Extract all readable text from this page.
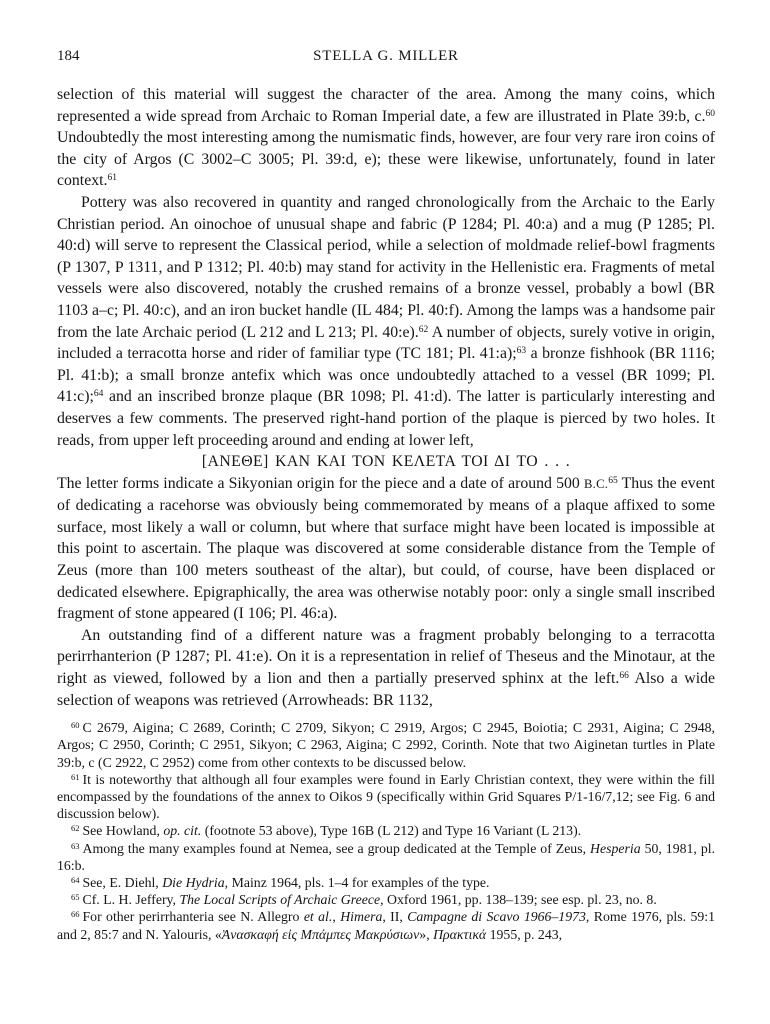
184	STELLA G. MILLER

selection of this material will suggest the character of the area. Among the many coins, which represented a wide spread from Archaic to Roman Imperial date, a few are illustrated in Plate 39:b, c.$^{60}$ Undoubtedly the most interesting among the numismatic finds, however, are four very rare iron coins of the city of Argos (C 3002–C 3005; Pl. 39:d, e); these were likewise, unfortunately, found in later context.$^{61}$

Pottery was also recovered in quantity and ranged chronologically from the Archaic to the Early Christian period. An oinochoe of unusual shape and fabric (P 1284; Pl. 40:a) and a mug (P 1285; Pl. 40:d) will serve to represent the Classical period, while a selection of moldmade relief-bowl fragments (P 1307, P 1311, and P 1312; Pl. 40:b) may stand for activity in the Hellenistic era. Fragments of metal vessels were also discovered, notably the crushed remains of a bronze vessel, probably a bowl (BR 1103 a–c; Pl. 40:c), and an iron bucket handle (IL 484; Pl. 40:f). Among the lamps was a handsome pair from the late Archaic period (L 212 and L 213; Pl. 40:e).$^{62}$ A number of objects, surely votive in origin, included a terracotta horse and rider of familiar type (TC 181; Pl. 41:a);$^{63}$ a bronze fishhook (BR 1116; Pl. 41:b); a small bronze antefix which was once undoubtedly attached to a vessel (BR 1099; Pl. 41:c);$^{64}$ and an inscribed bronze plaque (BR 1098; Pl. 41:d). The latter is particularly interesting and deserves a few comments. The preserved right-hand portion of the plaque is pierced by two holes. It reads, from upper left proceeding around and ending at lower left,

[ΑΝΕΘΕ] ΚΑΝ ΚΑΙ ΤΟΝ ΚΕΛΕΤΑ ΤΟΙ ΔΙ ΤΟ . . .

The letter forms indicate a Sikyonian origin for the piece and a date of around 500 B.C.$^{65}$ Thus the event of dedicating a racehorse was obviously being commemorated by means of a plaque affixed to some surface, most likely a wall or column, but where that surface might have been located is impossible at this point to ascertain. The plaque was discovered at some considerable distance from the Temple of Zeus (more than 100 meters southeast of the altar), but could, of course, have been displaced or dedicated elsewhere. Epigraphically, the area was otherwise notably poor: only a single small inscribed fragment of stone appeared (I 106; Pl. 46:a).

An outstanding find of a different nature was a fragment probably belonging to a terracotta perirrhanterion (P 1287; Pl. 41:e). On it is a representation in relief of Theseus and the Minotaur, at the right as viewed, followed by a lion and then a partially preserved sphinx at the left.$^{66}$ Also a wide selection of weapons was retrieved (Arrowheads: BR 1132,

$^{60}$ C 2679, Aigina; C 2689, Corinth; C 2709, Sikyon; C 2919, Argos; C 2945, Boiotia; C 2931, Aigina; C 2948, Argos; C 2950, Corinth; C 2951, Sikyon; C 2963, Aigina; C 2992, Corinth. Note that two Aiginetan turtles in Plate 39:b, c (C 2922, C 2952) come from other contexts to be discussed below.

$^{61}$ It is noteworthy that although all four examples were found in Early Christian context, they were within the fill encompassed by the foundations of the annex to Oikos 9 (specifically within Grid Squares P/1-16/7,12; see Fig. 6 and discussion below).

$^{62}$ See Howland, op. cit. (footnote 53 above), Type 16B (L 212) and Type 16 Variant (L 213).

$^{63}$ Among the many examples found at Nemea, see a group dedicated at the Temple of Zeus, Hesperia 50, 1981, pl. 16:b.

$^{64}$ See, E. Diehl, Die Hydria, Mainz 1964, pls. 1–4 for examples of the type.

$^{65}$ Cf. L. H. Jeffery, The Local Scripts of Archaic Greece, Oxford 1961, pp. 138–139; see esp. pl. 23, no. 8.

$^{66}$ For other perirrhanteria see N. Allegro et al., Himera, II, Campagne di Scavo 1966–1973, Rome 1976, pls. 59:1 and 2, 85:7 and N. Yalouris, «Ἀνασκαφή εἰς Μπάμπες Μακρύσιων», Πρακτικά 1955, p. 243,
